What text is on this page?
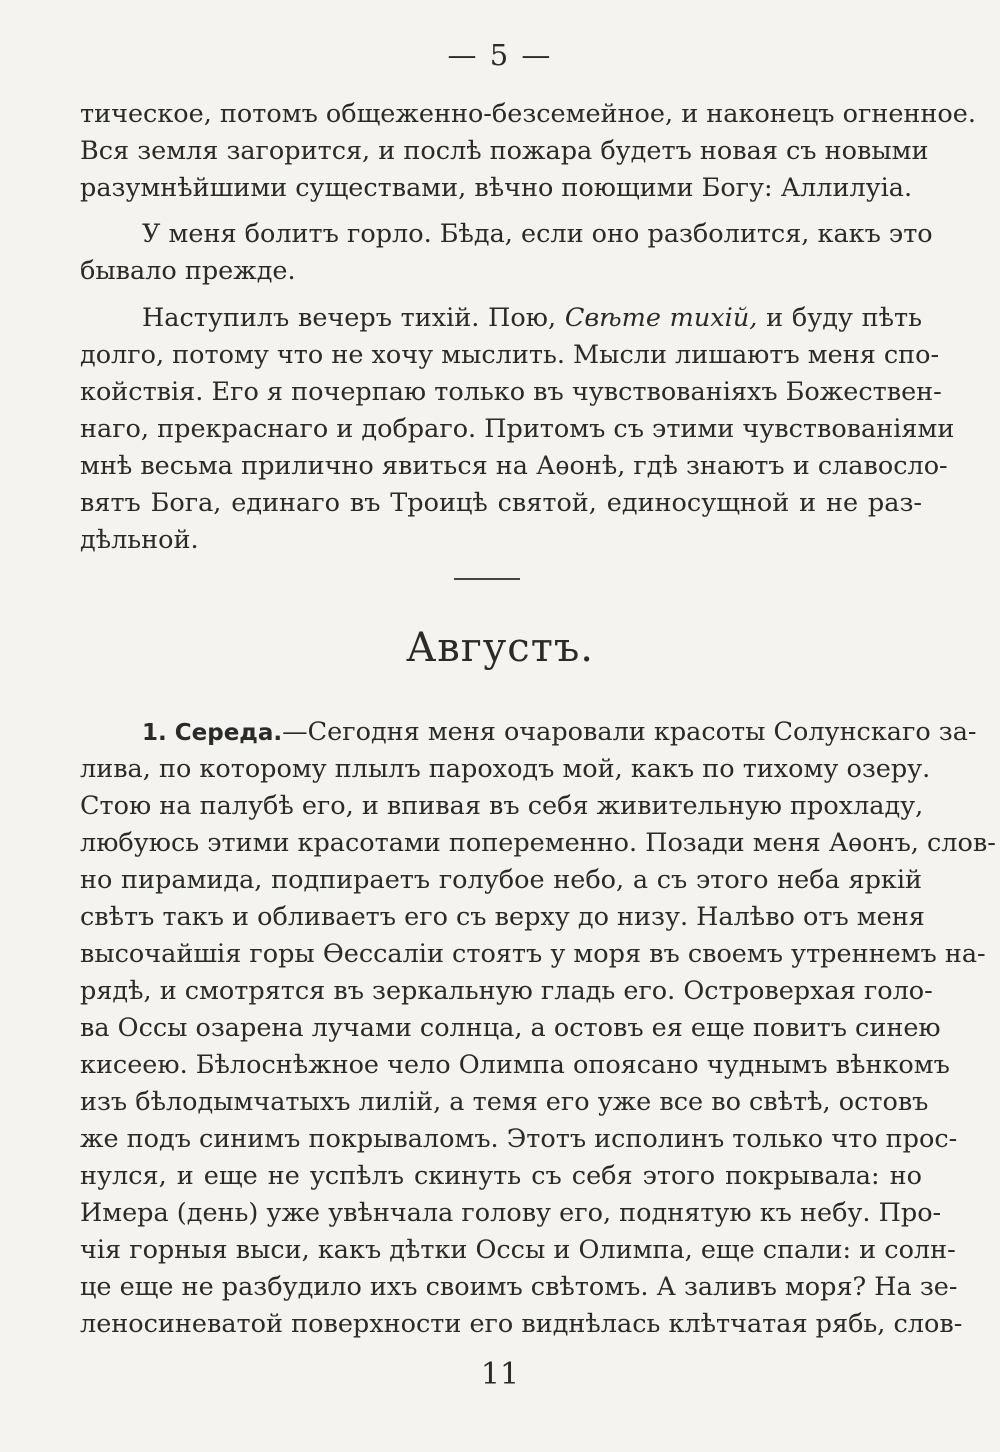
— 5 —
тическое, потомъ общеженно-безсемейное, и наконецъ огненное.
Вся земля загорится, и послѣ пожара будетъ новая съ новыми
разумнѣйшими существами, вѣчно поющими Богу: Аллилуіа.
У меня болитъ горло. Бѣда, если оно разболится, какъ это
бывало прежде.
Наступилъ вечеръ тихій. Пою, Свѣте тихій, и буду пѣть
долго, потому что не хочу мыслить. Мысли лишаютъ меня спо-
койствія. Его я почерпаю только въ чувствованіяхъ Божествен-
наго, прекраснаго и добраго. Притомъ съ этими чувствованіями
мнѣ весьма прилично явиться на Аѳонѣ, гдѣ знаютъ и славосло-
вятъ Бога, единаго въ Троицѣ святой, единосущной и не раз-
дѣльной.
Августъ.
1. Середа.—Сегодня меня очаровали красоты Солунскаго за-
лива, по которому плылъ пароходъ мой, какъ по тихому озеру.
Стою на палубѣ его, и впивая въ себя живительную прохладу,
любуюсь этими красотами попеременно. Позади меня Аѳонъ, слов-
но пирамида, подпираетъ голубое небо, а съ этого неба яркій
свѣтъ такъ и обливаетъ его съ верху до низу. Налѣво отъ меня
высочайшія горы Ѳессаліи стоятъ у моря въ своемъ утреннемъ на-
рядѣ, и смотрятся въ зеркальную гладь его. Островерхая голо-
ва Оссы озарена лучами солнца, а остовъ ея еще повитъ синею
кисеею. Бѣлоснѣжное чело Олимпа опоясано чуднымъ вѣнкомъ
изъ бѣлодымчатыхъ лилій, а темя его уже все во свѣтѣ, остовъ
же подъ синимъ покрываломъ. Этотъ исполинъ только что прос-
нулся, и еще не успѣлъ скинуть съ себя этого покрывала: но
Имера (день) уже увѣнчала голову его, поднятую къ небу. Про-
чія горныя выси, какъ дѣтки Оссы и Олимпа, еще спали: и солн-
це еще не разбудило ихъ своимъ свѣтомъ. А заливъ моря? На зе-
леносиневатой поверхности его виднѣлась клѣтчатая рябь, слов-
11
